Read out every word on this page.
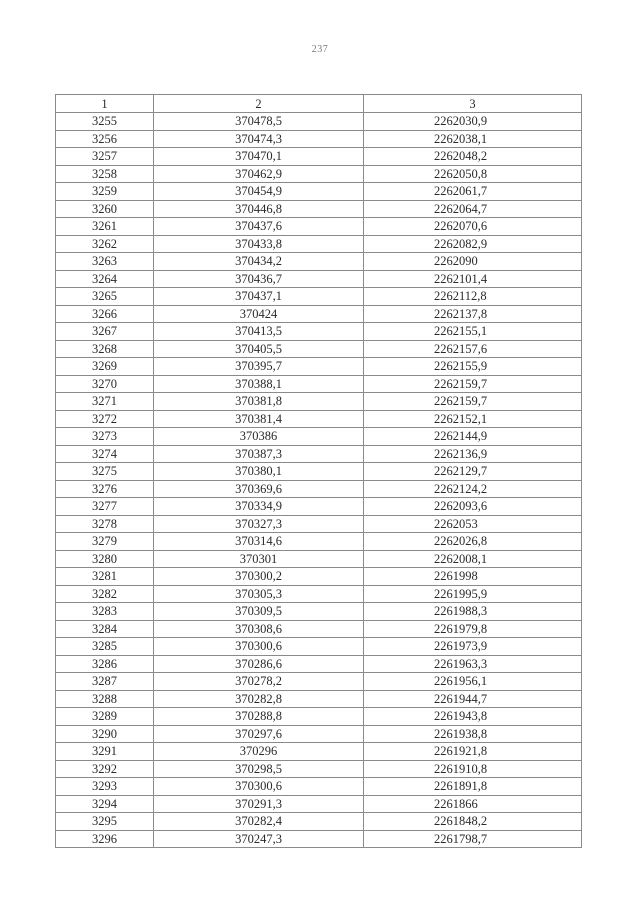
237
1	2	3
3255	370478,5	2262030,9
3256	370474,3	2262038,1
3257	370470,1	2262048,2
3258	370462,9	2262050,8
3259	370454,9	2262061,7
3260	370446,8	2262064,7
3261	370437,6	2262070,6
3262	370433,8	2262082,9
3263	370434,2	2262090
3264	370436,7	2262101,4
3265	370437,1	2262112,8
3266	370424	2262137,8
3267	370413,5	2262155,1
3268	370405,5	2262157,6
3269	370395,7	2262155,9
3270	370388,1	2262159,7
3271	370381,8	2262159,7
3272	370381,4	2262152,1
3273	370386	2262144,9
3274	370387,3	2262136,9
3275	370380,1	2262129,7
3276	370369,6	2262124,2
3277	370334,9	2262093,6
3278	370327,3	2262053
3279	370314,6	2262026,8
3280	370301	2262008,1
3281	370300,2	2261998
3282	370305,3	2261995,9
3283	370309,5	2261988,3
3284	370308,6	2261979,8
3285	370300,6	2261973,9
3286	370286,6	2261963,3
3287	370278,2	2261956,1
3288	370282,8	2261944,7
3289	370288,8	2261943,8
3290	370297,6	2261938,8
3291	370296	2261921,8
3292	370298,5	2261910,8
3293	370300,6	2261891,8
3294	370291,3	2261866
3295	370282,4	2261848,2
3296	370247,3	2261798,7
